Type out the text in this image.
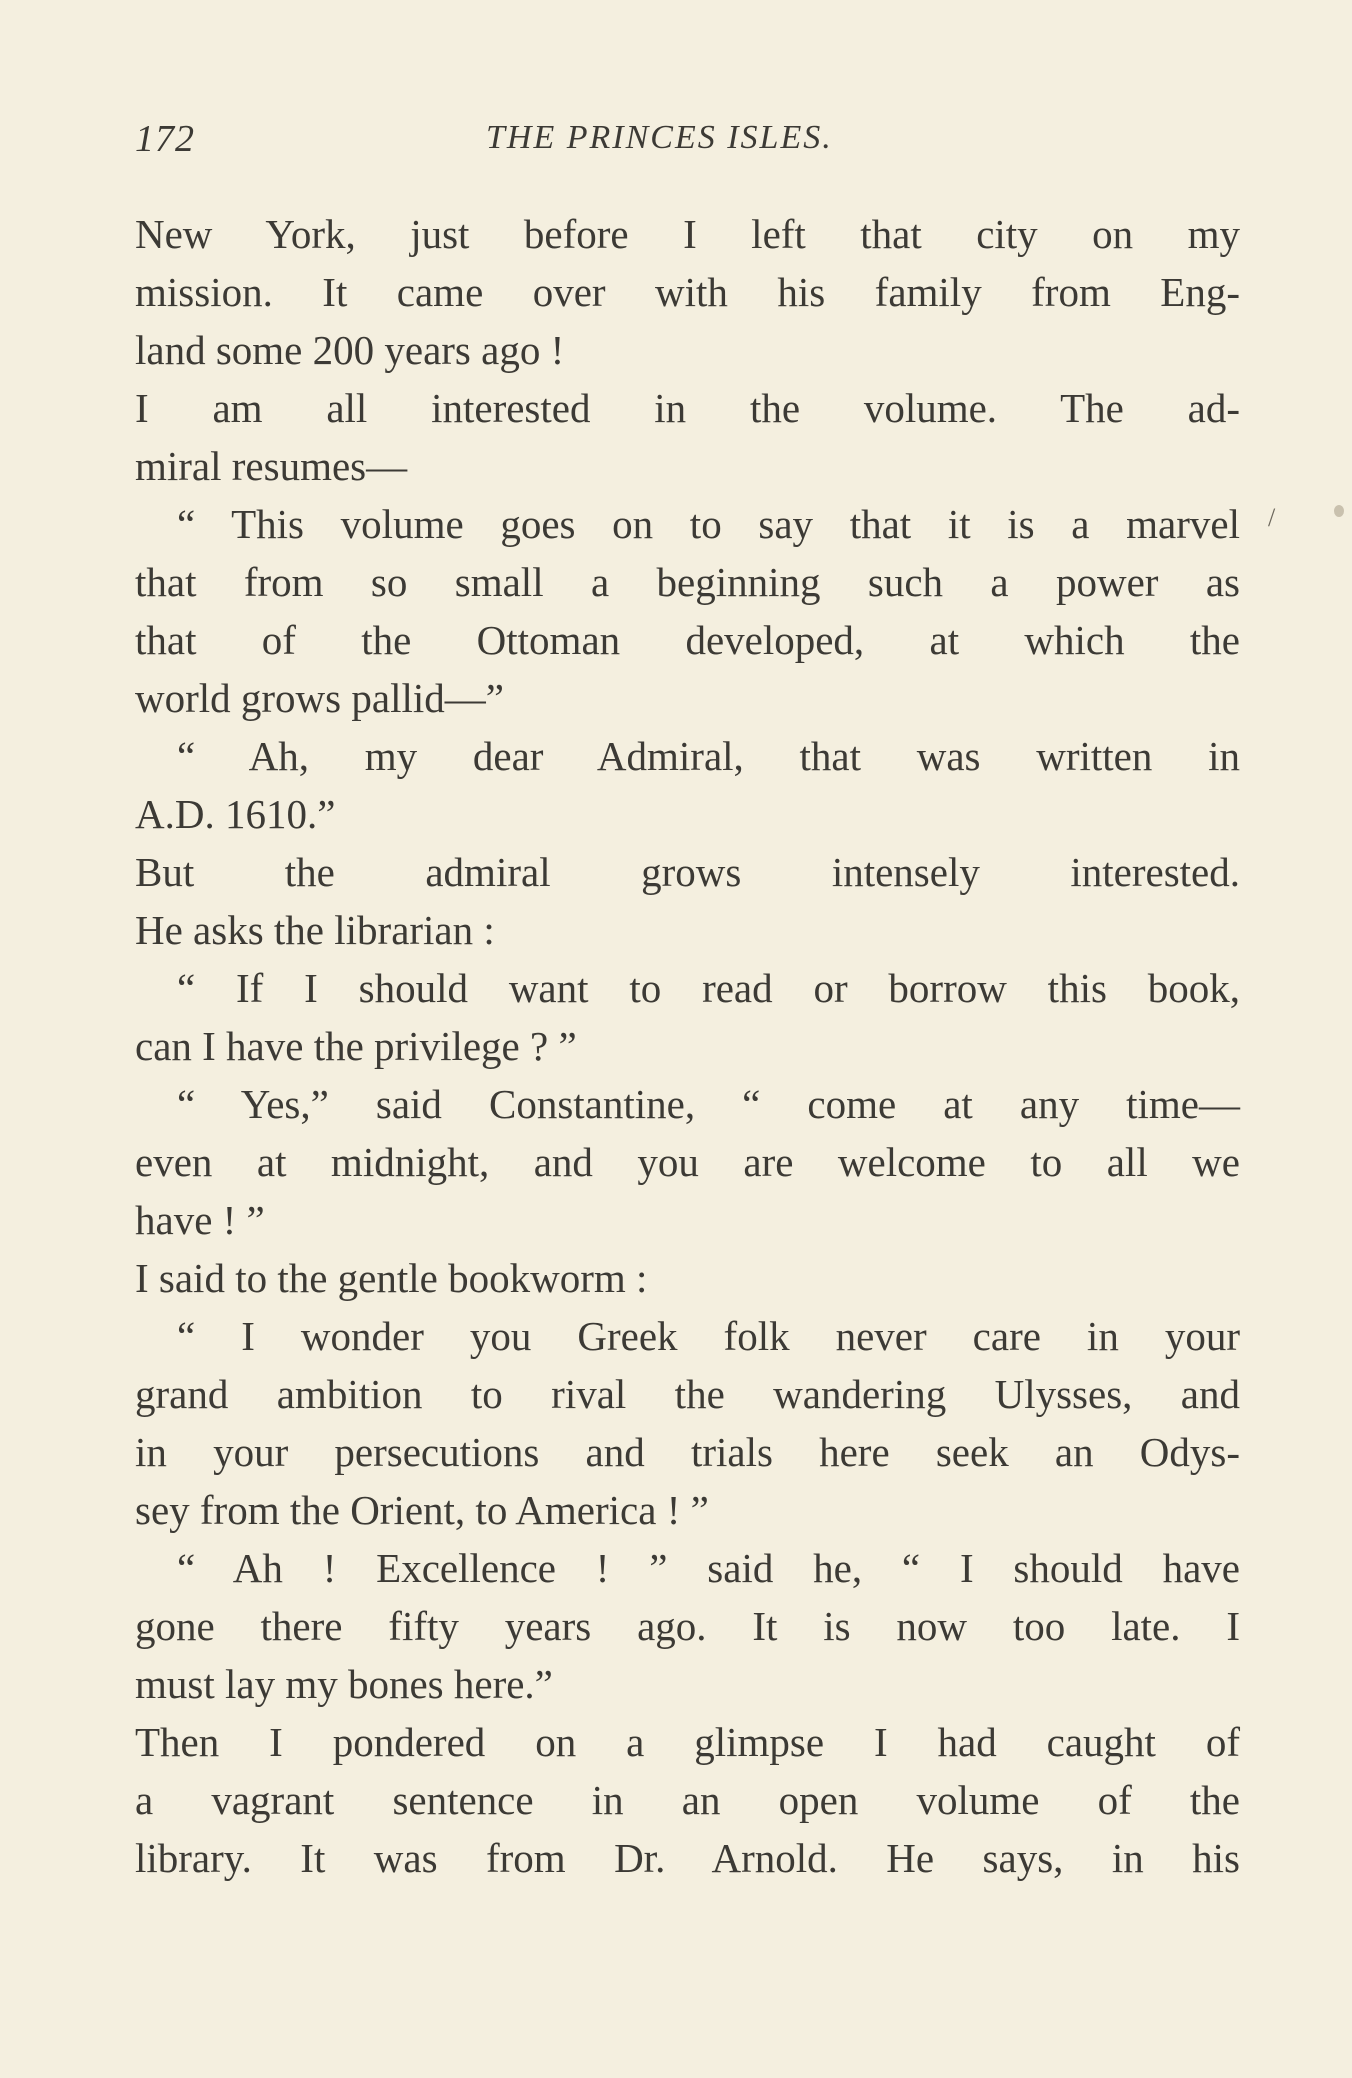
172	THE PRINCES ISLES.
/
New York, just before I left that city on my
mission. It came over with his family from Eng-
land some 200 years ago !
I am all interested in the volume. The ad-
miral resumes—
“ This volume goes on to say that it is a marvel
that from so small a beginning such a power as
that of the Ottoman developed, at which the
world grows pallid—”
“ Ah, my dear Admiral, that was written in
A.D. 1610.”
But the admiral grows intensely interested.
He asks the librarian :
“ If I should want to read or borrow this book,
can I have the privilege ? ”
“ Yes,” said Constantine, “ come at any time—
even at midnight, and you are welcome to all we
have ! ”
I said to the gentle bookworm :
“ I wonder you Greek folk never care in your
grand ambition to rival the wandering Ulysses, and
in your persecutions and trials here seek an Odys-
sey from the Orient, to America ! ”
“ Ah ! Excellence ! ” said he, “ I should have
gone there fifty years ago. It is now too late. I
must lay my bones here.”
Then I pondered on a glimpse I had caught of
a vagrant sentence in an open volume of the
library. It was from Dr. Arnold. He says, in his
